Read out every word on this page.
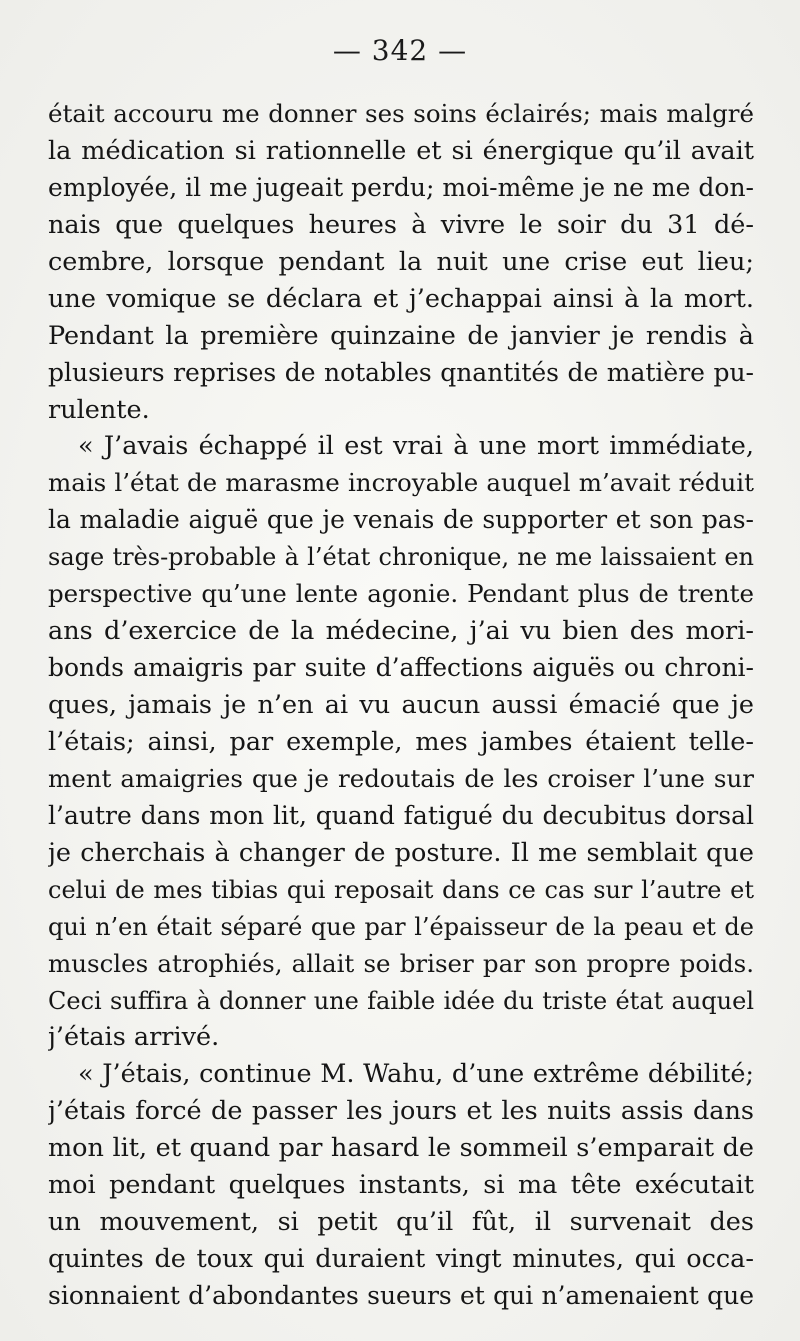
— 342 —
était accouru me donner ses soins éclairés; mais malgré
la médication si rationnelle et si énergique qu’il avait
employée, il me jugeait perdu; moi-même je ne me don-
nais que quelques heures à vivre le soir du 31 dé-
cembre, lorsque pendant la nuit une crise eut lieu;
une vomique se déclara et j’echappai ainsi à la mort.
Pendant la première quinzaine de janvier je rendis à
plusieurs reprises de notables qnantités de matière pu-
rulente.
« J’avais échappé il est vrai à une mort immédiate,
mais l’état de marasme incroyable auquel m’avait réduit
la maladie aiguë que je venais de supporter et son pas-
sage très-probable à l’état chronique, ne me laissaient en
perspective qu’une lente agonie. Pendant plus de trente
ans d’exercice de la médecine, j’ai vu bien des mori-
bonds amaigris par suite d’affections aiguës ou chroni-
ques, jamais je n’en ai vu aucun aussi émacié que je
l’étais; ainsi, par exemple, mes jambes étaient telle-
ment amaigries que je redoutais de les croiser l’une sur
l’autre dans mon lit, quand fatigué du decubitus dorsal
je cherchais à changer de posture. Il me semblait que
celui de mes tibias qui reposait dans ce cas sur l’autre et
qui n’en était séparé que par l’épaisseur de la peau et de
muscles atrophiés, allait se briser par son propre poids.
Ceci suffira à donner une faible idée du triste état auquel
j’étais arrivé.
« J’étais, continue M. Wahu, d’une extrême débilité;
j’étais forcé de passer les jours et les nuits assis dans
mon lit, et quand par hasard le sommeil s’emparait de
moi pendant quelques instants, si ma tête exécutait
un mouvement, si petit qu’il fût, il survenait des
quintes de toux qui duraient vingt minutes, qui occa-
sionnaient d’abondantes sueurs et qui n’amenaient que
